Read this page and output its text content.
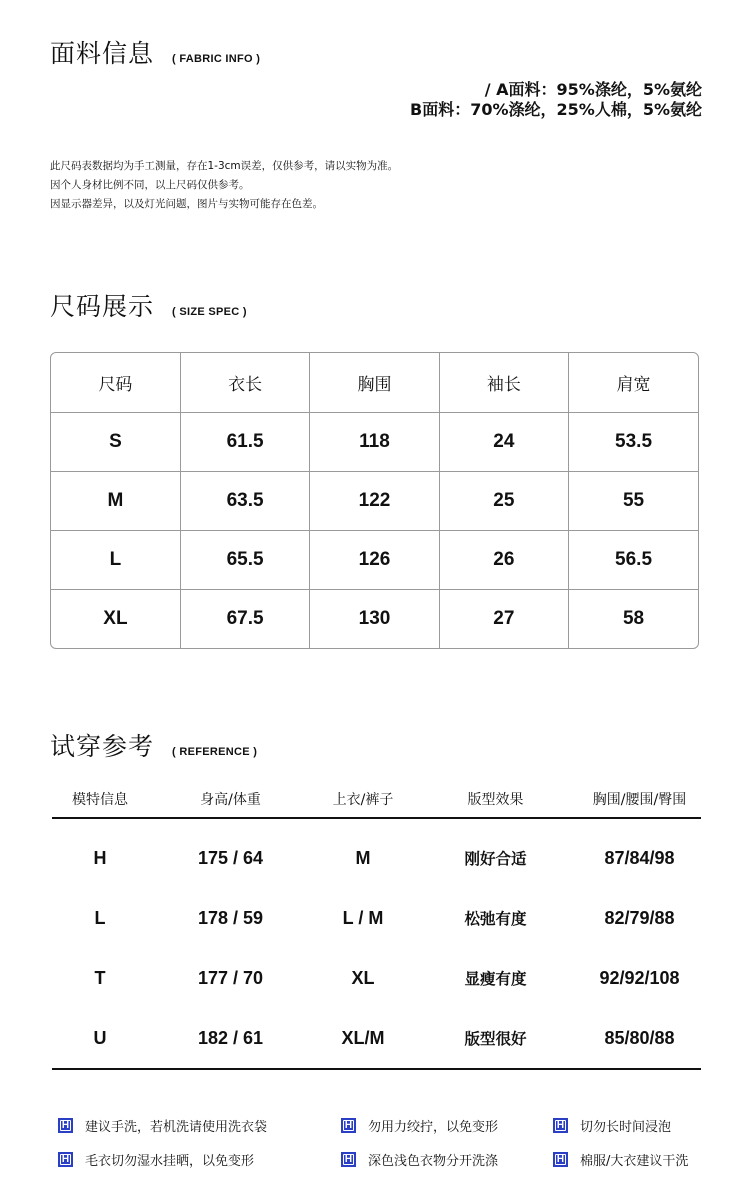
面料信息 ( FABRIC INFO )
/ A面料：95%涤纶，5%氨纶
B面料：70%涤纶，25%人棉，5%氨纶
此尺码表数据均为手工测量，存在1-3cm误差，仅供参考，请以实物为准。
因个人身材比例不同，以上尺码仅供参考。
因显示器差异，以及灯光问题，图片与实物可能存在色差。
尺码展示 ( SIZE SPEC )
尺码	衣长	胸围	袖长	肩宽
S	61.5	118	24	53.5
M	63.5	122	25	55
L	65.5	126	26	56.5
XL	67.5	130	27	58
试穿参考 ( REFERENCE )
模特信息	身高/体重	上衣/裤子	版型效果	胸围/腰围/臀围
H	175 / 64	M	刚好合适	87/84/98
L	178 / 59	L / M	松弛有度	82/79/88
T	177 / 70	XL	显瘦有度	92/92/108
U	182 / 61	XL/M	版型很好	85/80/88
H 建议手洗，若机洗请使用洗衣袋	H 勿用力绞拧，以免变形	H 切勿长时间浸泡
H 毛衣切勿湿水挂晒，以免变形	H 深色浅色衣物分开洗涤	H 棉服/大衣建议干洗
